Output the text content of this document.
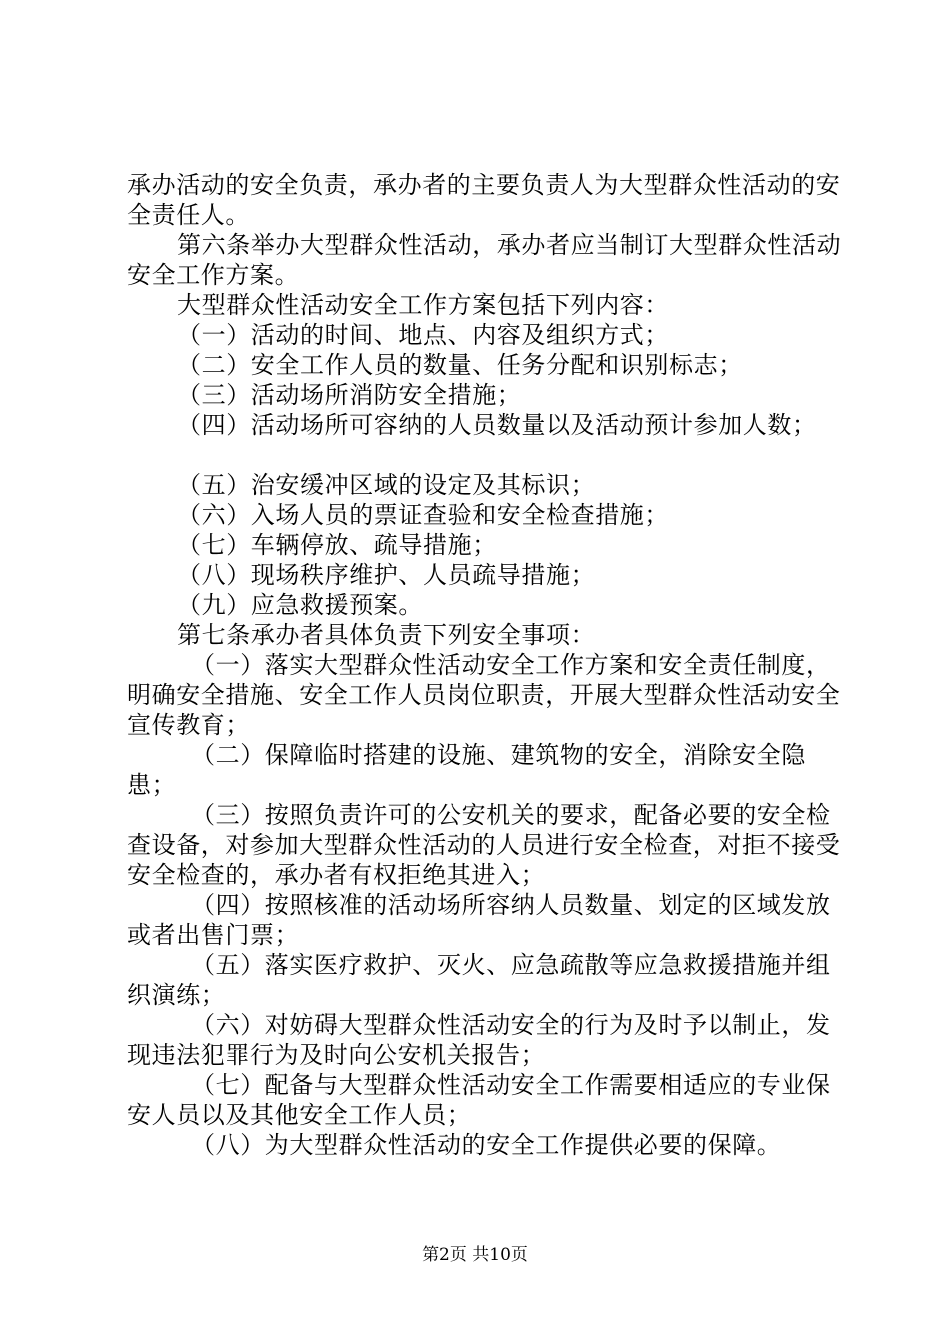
承办活动的安全负责，承办者的主要负责人为大型群众性活动的安全责任人。

第六条举办大型群众性活动，承办者应当制订大型群众性活动安全工作方案。

大型群众性活动安全工作方案包括下列内容：

（一）活动的时间、地点、内容及组织方式；

（二）安全工作人员的数量、任务分配和识别标志；

（三）活动场所消防安全措施；

（四）活动场所可容纳的人员数量以及活动预计参加人数；

（五）治安缓冲区域的设定及其标识；

（六）入场人员的票证查验和安全检查措施；

（七）车辆停放、疏导措施；

（八）现场秩序维护、人员疏导措施；

（九）应急救援预案。

第七条承办者具体负责下列安全事项：

（一）落实大型群众性活动安全工作方案和安全责任制度，明确安全措施、安全工作人员岗位职责，开展大型群众性活动安全宣传教育；

（二）保障临时搭建的设施、建筑物的安全，消除安全隐患；

（三）按照负责许可的公安机关的要求，配备必要的安全检查设备，对参加大型群众性活动的人员进行安全检查，对拒不接受安全检查的，承办者有权拒绝其进入；

（四）按照核准的活动场所容纳人员数量、划定的区域发放或者出售门票；

（五）落实医疗救护、灭火、应急疏散等应急救援措施并组织演练；

（六）对妨碍大型群众性活动安全的行为及时予以制止，发现违法犯罪行为及时向公安机关报告；

（七）配备与大型群众性活动安全工作需要相适应的专业保安人员以及其他安全工作人员；

（八）为大型群众性活动的安全工作提供必要的保障。

第2页 共10页
